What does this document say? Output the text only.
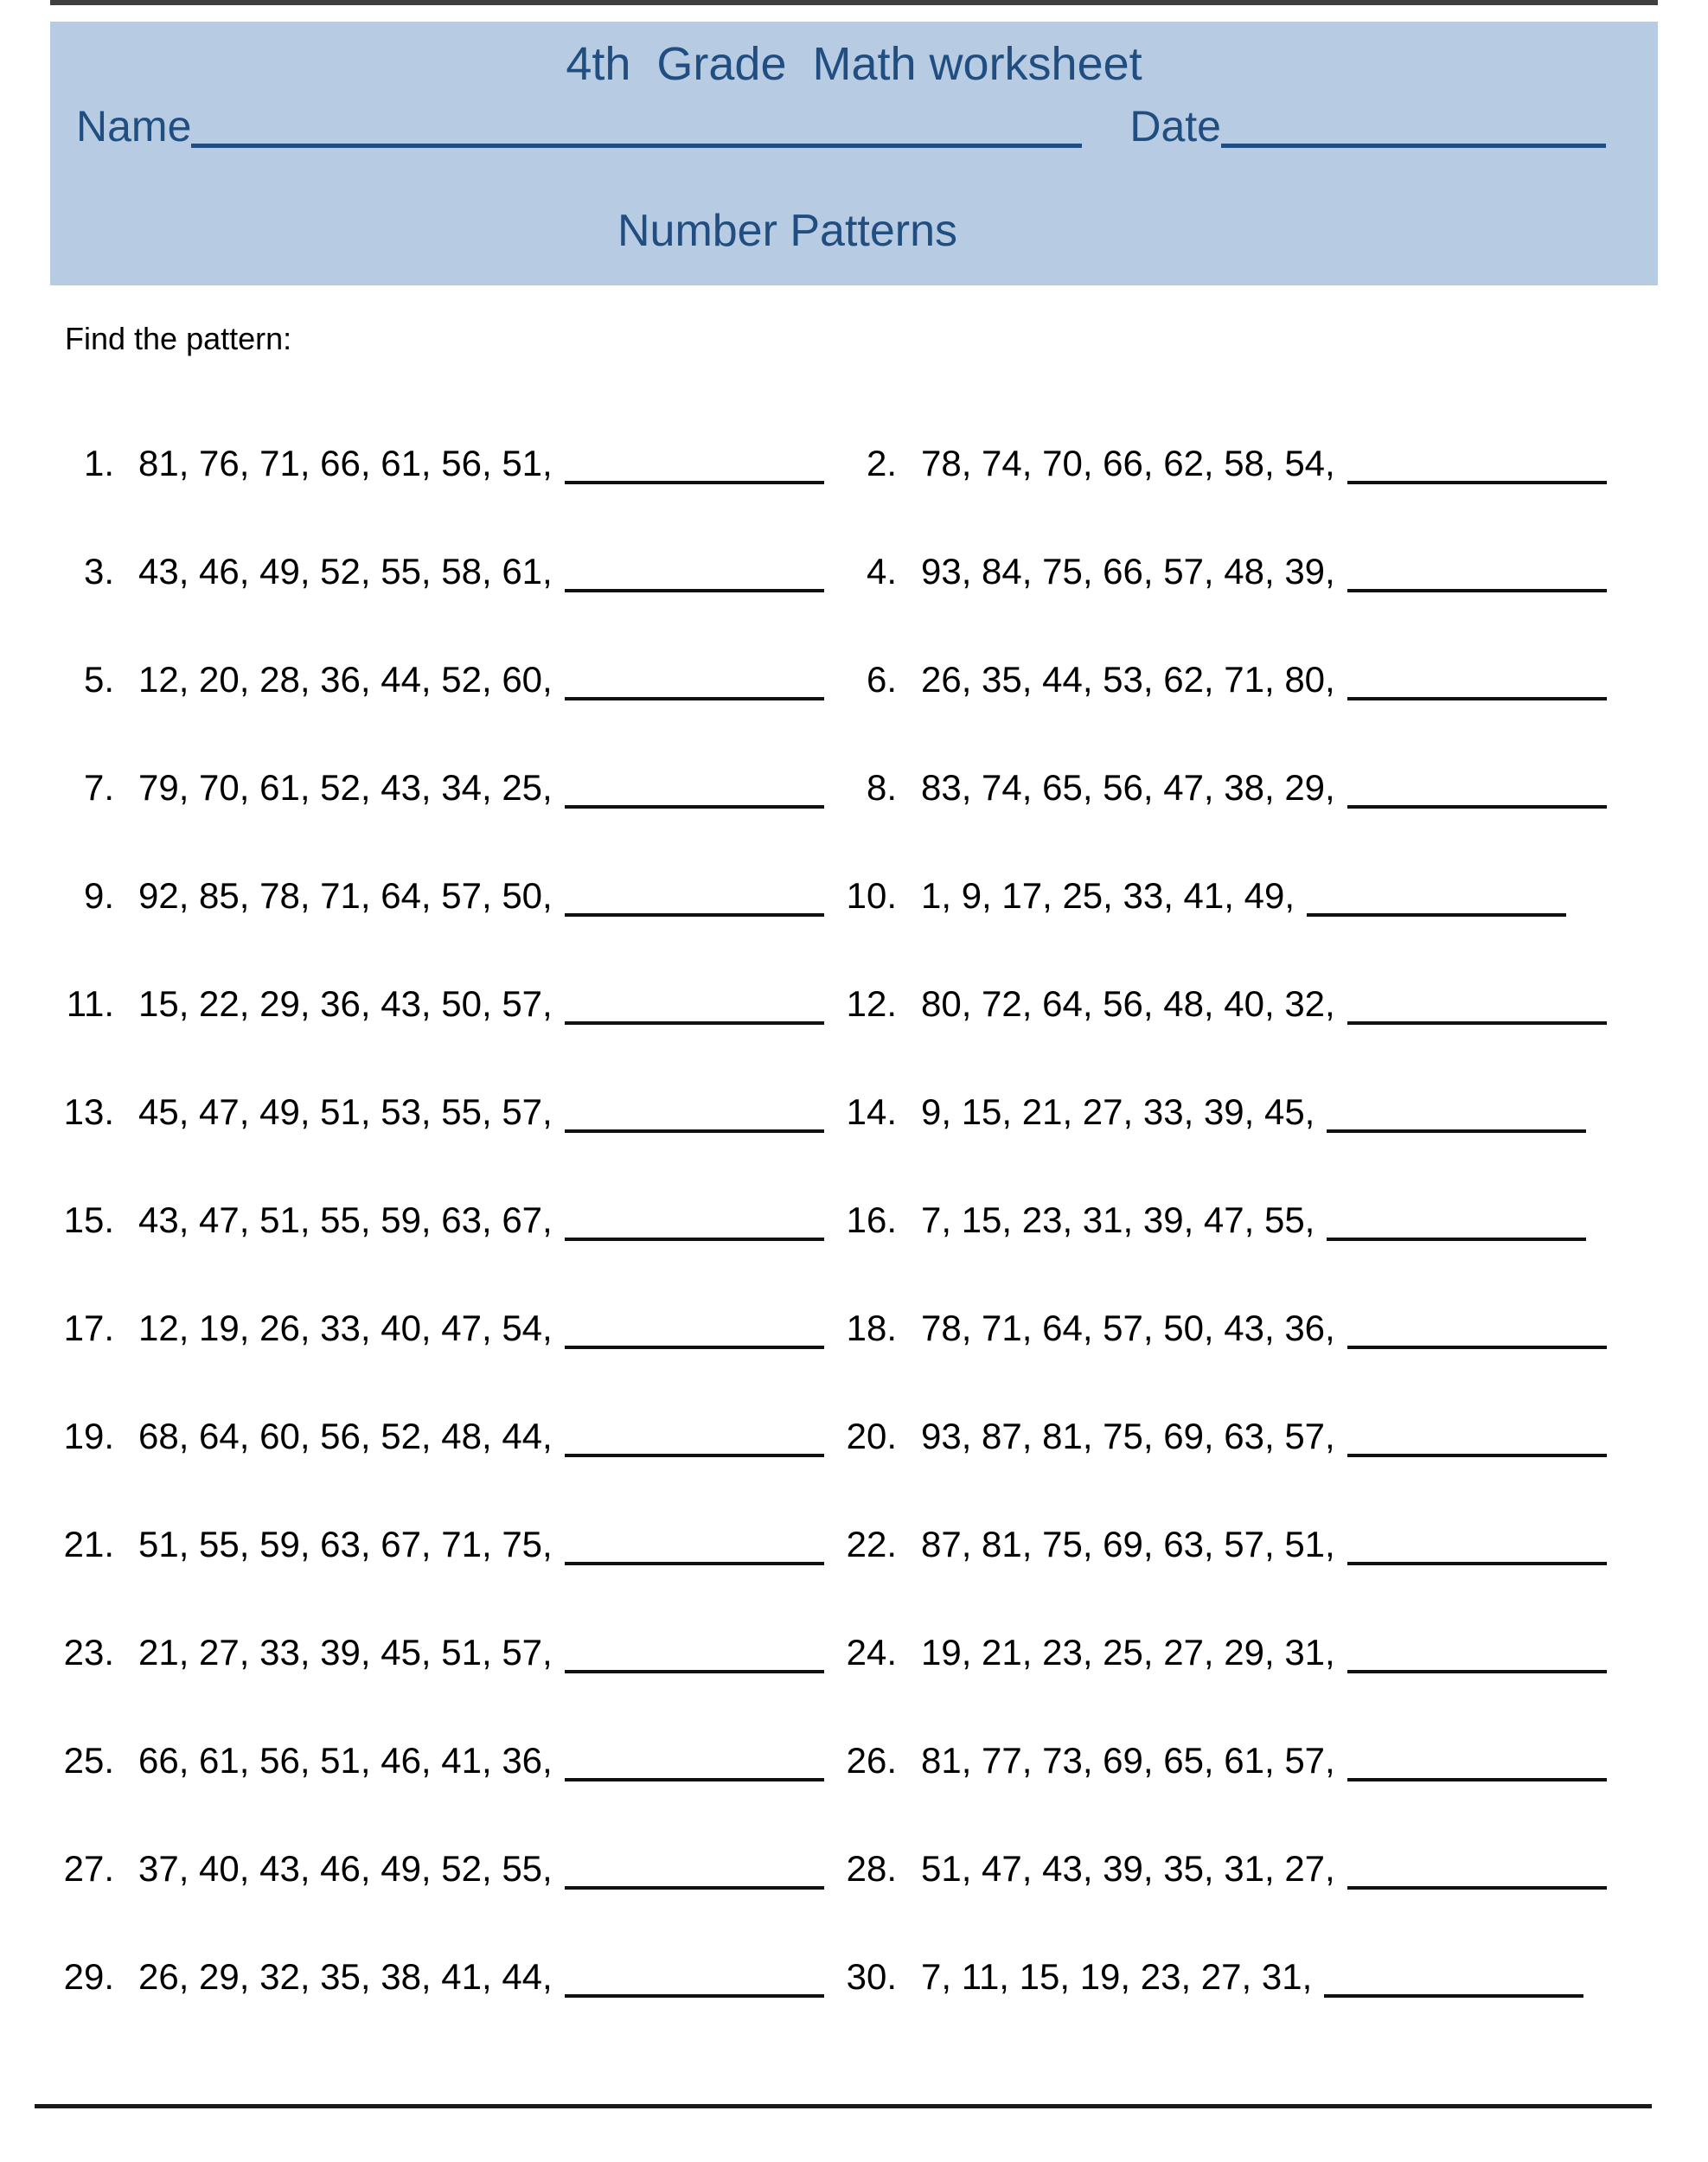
4th  Grade  Math worksheet
Name	Date
Number Patterns
Find the pattern:
1. 81, 76, 71, 66, 61, 56, 51,	2. 78, 74, 70, 66, 62, 58, 54,
3. 43, 46, 49, 52, 55, 58, 61,	4. 93, 84, 75, 66, 57, 48, 39,
5. 12, 20, 28, 36, 44, 52, 60,	6. 26, 35, 44, 53, 62, 71, 80,
7. 79, 70, 61, 52, 43, 34, 25,	8. 83, 74, 65, 56, 47, 38, 29,
9. 92, 85, 78, 71, 64, 57, 50,	10. 1, 9, 17, 25, 33, 41, 49,
11. 15, 22, 29, 36, 43, 50, 57,	12. 80, 72, 64, 56, 48, 40, 32,
13. 45, 47, 49, 51, 53, 55, 57,	14. 9, 15, 21, 27, 33, 39, 45,
15. 43, 47, 51, 55, 59, 63, 67,	16. 7, 15, 23, 31, 39, 47, 55,
17. 12, 19, 26, 33, 40, 47, 54,	18. 78, 71, 64, 57, 50, 43, 36,
19. 68, 64, 60, 56, 52, 48, 44,	20. 93, 87, 81, 75, 69, 63, 57,
21. 51, 55, 59, 63, 67, 71, 75,	22. 87, 81, 75, 69, 63, 57, 51,
23. 21, 27, 33, 39, 45, 51, 57,	24. 19, 21, 23, 25, 27, 29, 31,
25. 66, 61, 56, 51, 46, 41, 36,	26. 81, 77, 73, 69, 65, 61, 57,
27. 37, 40, 43, 46, 49, 52, 55,	28. 51, 47, 43, 39, 35, 31, 27,
29. 26, 29, 32, 35, 38, 41, 44,	30. 7, 11, 15, 19, 23, 27, 31,
